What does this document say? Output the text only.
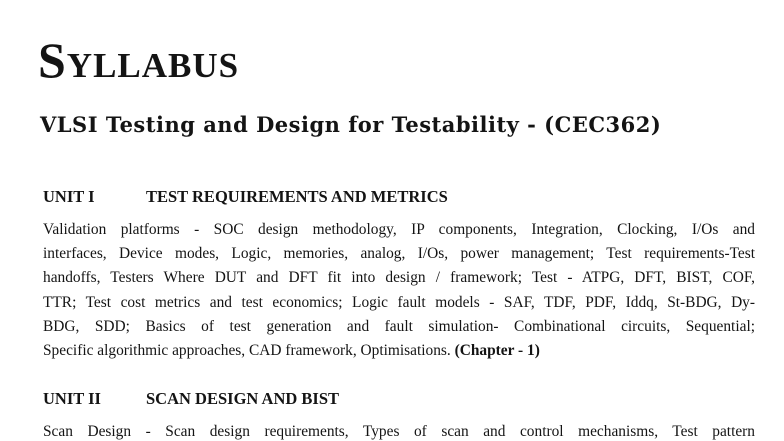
Syllabus
VLSI Testing and Design for Testability - (CEC362)
UNIT I	TEST REQUIREMENTS AND METRICS
Validation platforms - SOC design methodology, IP components, Integration, Clocking, I/Os and
interfaces, Device modes, Logic, memories, analog, I/Os, power management; Test requirements-Test
handoffs, Testers Where DUT and DFT fit into design / framework; Test - ATPG, DFT, BIST, COF,
TTR; Test cost metrics and test economics; Logic fault models - SAF, TDF, PDF, Iddq, St-BDG, Dy-
BDG, SDD; Basics of test generation and fault simulation- Combinational circuits, Sequential;
Specific algorithmic approaches, CAD framework, Optimisations. (Chapter - 1)
UNIT II	SCAN DESIGN AND BIST
Scan Design - Scan design requirements, Types of scan and control mechanisms, Test pattern
